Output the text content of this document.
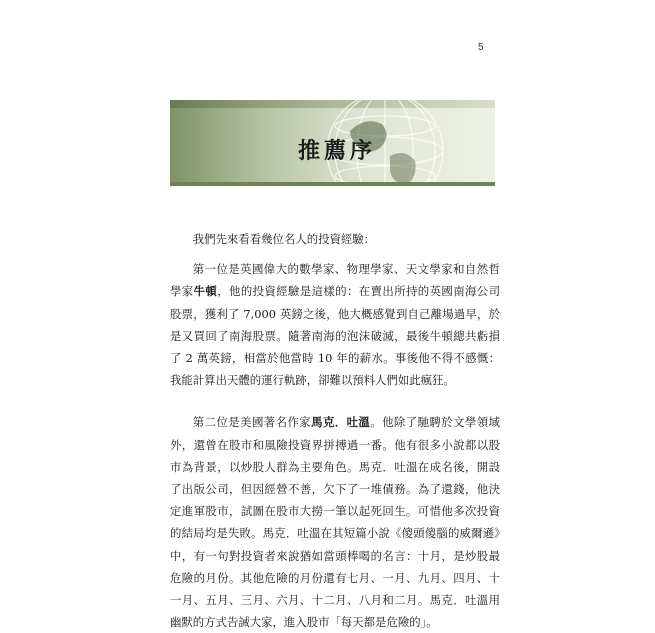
5
推薦序

我們先來看看幾位名人的投資經驗：

第一位是英國偉大的數學家、物理學家、天文學家和自然哲學家牛頓，他的投資經驗是這樣的：在賣出所持的英國南海公司股票，獲利了 7,000 英鎊之後，他大概感覺到自己離場過早，於是又買回了南海股票。隨著南海的泡沫破滅，最後牛頓總共虧損了 2 萬英鎊，相當於他當時 10 年的薪水。事後他不得不感慨：我能計算出天體的運行軌跡，卻難以預料人們如此瘋狂。

第二位是美國著名作家馬克．吐溫。他除了馳騁於文學領域外，還曾在股市和風險投資界拼搏過一番。他有很多小說都以股市為背景，以炒股人群為主要角色。馬克．吐溫在成名後，開設了出版公司，但因經營不善，欠下了一堆債務。為了還錢，他決定進軍股市，試圖在股市大撈一筆以起死回生。可惜他多次投資的結局均是失敗。馬克．吐溫在其短篇小說《傻頭傻腦的威爾遜》中，有一句對投資者來說猶如當頭棒喝的名言：十月，是炒股最危險的月份。其他危險的月份還有七月、一月、九月、四月、十一月、五月、三月、六月、十二月、八月和二月。馬克．吐溫用幽默的方式告誡大家，進入股市「每天都是危險的」。
